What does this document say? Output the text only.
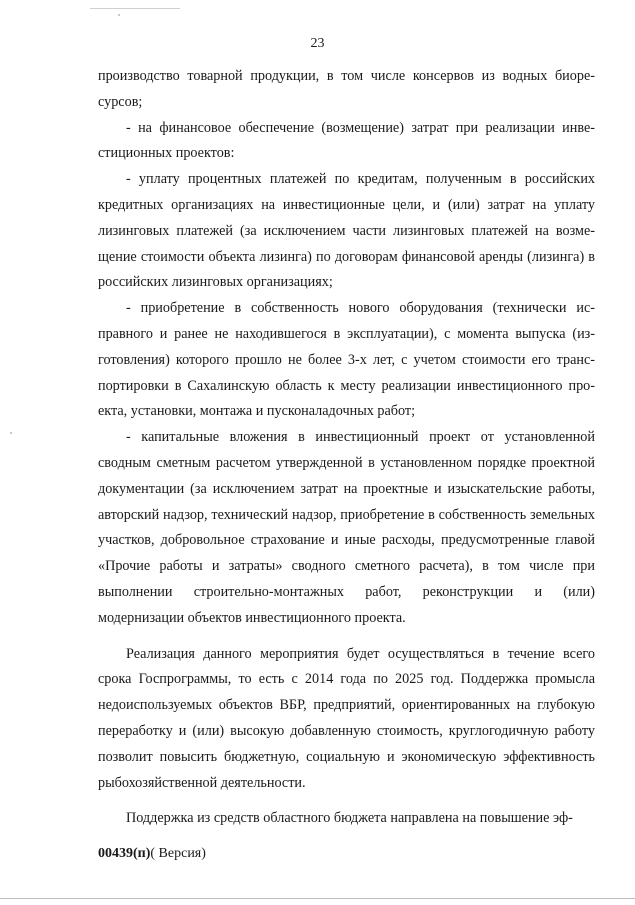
23

производство товарной продукции, в том числе консервов из водных биоресурсов;

- на финансовое обеспечение (возмещение) затрат при реализации инвестиционных проектов:

- уплату процентных платежей по кредитам, полученным в российских кредитных организациях на инвестиционные цели, и (или) затрат на уплату лизинговых платежей (за исключением части лизинговых платежей на возмещение стоимости объекта лизинга) по договорам финансовой аренды (лизинга) в российских лизинговых организациях;

- приобретение в собственность нового оборудования (технически исправного и ранее не находившегося в эксплуатации), с момента выпуска (изготовления) которого прошло не более 3-х лет, с учетом стоимости его транспортировки в Сахалинскую область к месту реализации инвестиционного проекта, установки, монтажа и пусконаладочных работ;

- капитальные вложения в инвестиционный проект от установленной сводным сметным расчетом утвержденной в установленном порядке проектной документации (за исключением затрат на проектные и изыскательские работы, авторский надзор, технический надзор, приобретение в собственность земельных участков, добровольное страхование и иные расходы, предусмотренные главой «Прочие работы и затраты» сводного сметного расчета), в том числе при выполнении строительно-монтажных работ, реконструкции и (или) модернизации объектов инвестиционного проекта.

Реализация данного мероприятия будет осуществляться в течение всего срока Госпрограммы, то есть с 2014 года по 2025 год. Поддержка промысла недоиспользуемых объектов ВБР, предприятий, ориентированных на глубокую переработку и (или) высокую добавленную стоимость, круглогодичную работу позволит повысить бюджетную, социальную и экономическую эффективность рыбохозяйственной деятельности.

Поддержка из средств областного бюджета направлена на повышение эф-

00439(п)( Версия)
